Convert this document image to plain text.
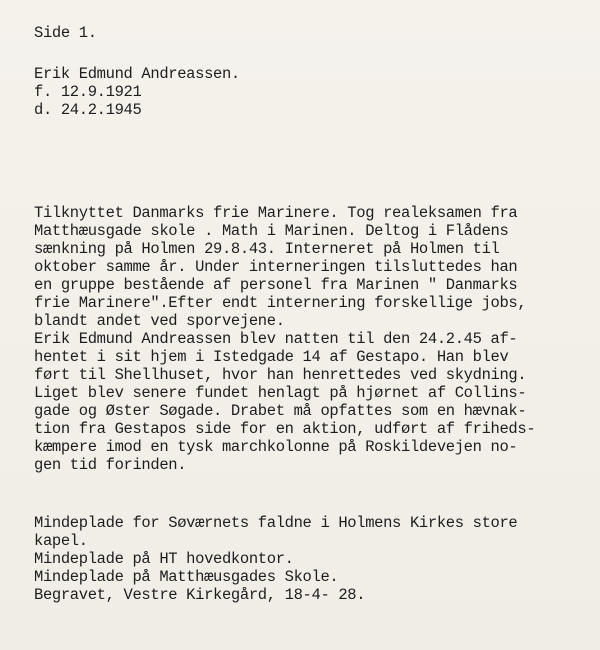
Side 1.
Erik Edmund Andreassen.
f. 12.9.1921
d. 24.2.1945
Tilknyttet Danmarks frie Marinere. Tog realeksamen fra
Matthæusgade skole . Math i Marinen. Deltog i Flådens
sænkning på Holmen 29.8.43. Interneret på Holmen til
oktober samme år. Under interneringen tilsluttedes han
en gruppe bestående af personel fra Marinen " Danmarks
frie Marinere".Efter endt internering forskellige jobs,
blandt andet ved sporvejene.
Erik Edmund Andreassen blev natten til den 24.2.45 af-
hentet i sit hjem i Istedgade 14 af Gestapo. Han blev
ført til Shellhuset, hvor han henrettedes ved skydning.
Liget blev senere fundet henlagt på hjørnet af Collins-
gade og Øster Søgade. Drabet må opfattes som en hævnak-
tion fra Gestapos side for en aktion, udført af friheds-
kæmpere imod en tysk marchkolonne på Roskildevejen no-
gen tid forinden.
Mindeplade for Søværnets faldne i Holmens Kirkes store
kapel.
Mindeplade på HT hovedkontor.
Mindeplade på Matthæusgades Skole.
Begravet, Vestre Kirkegård, 18-4- 28.
